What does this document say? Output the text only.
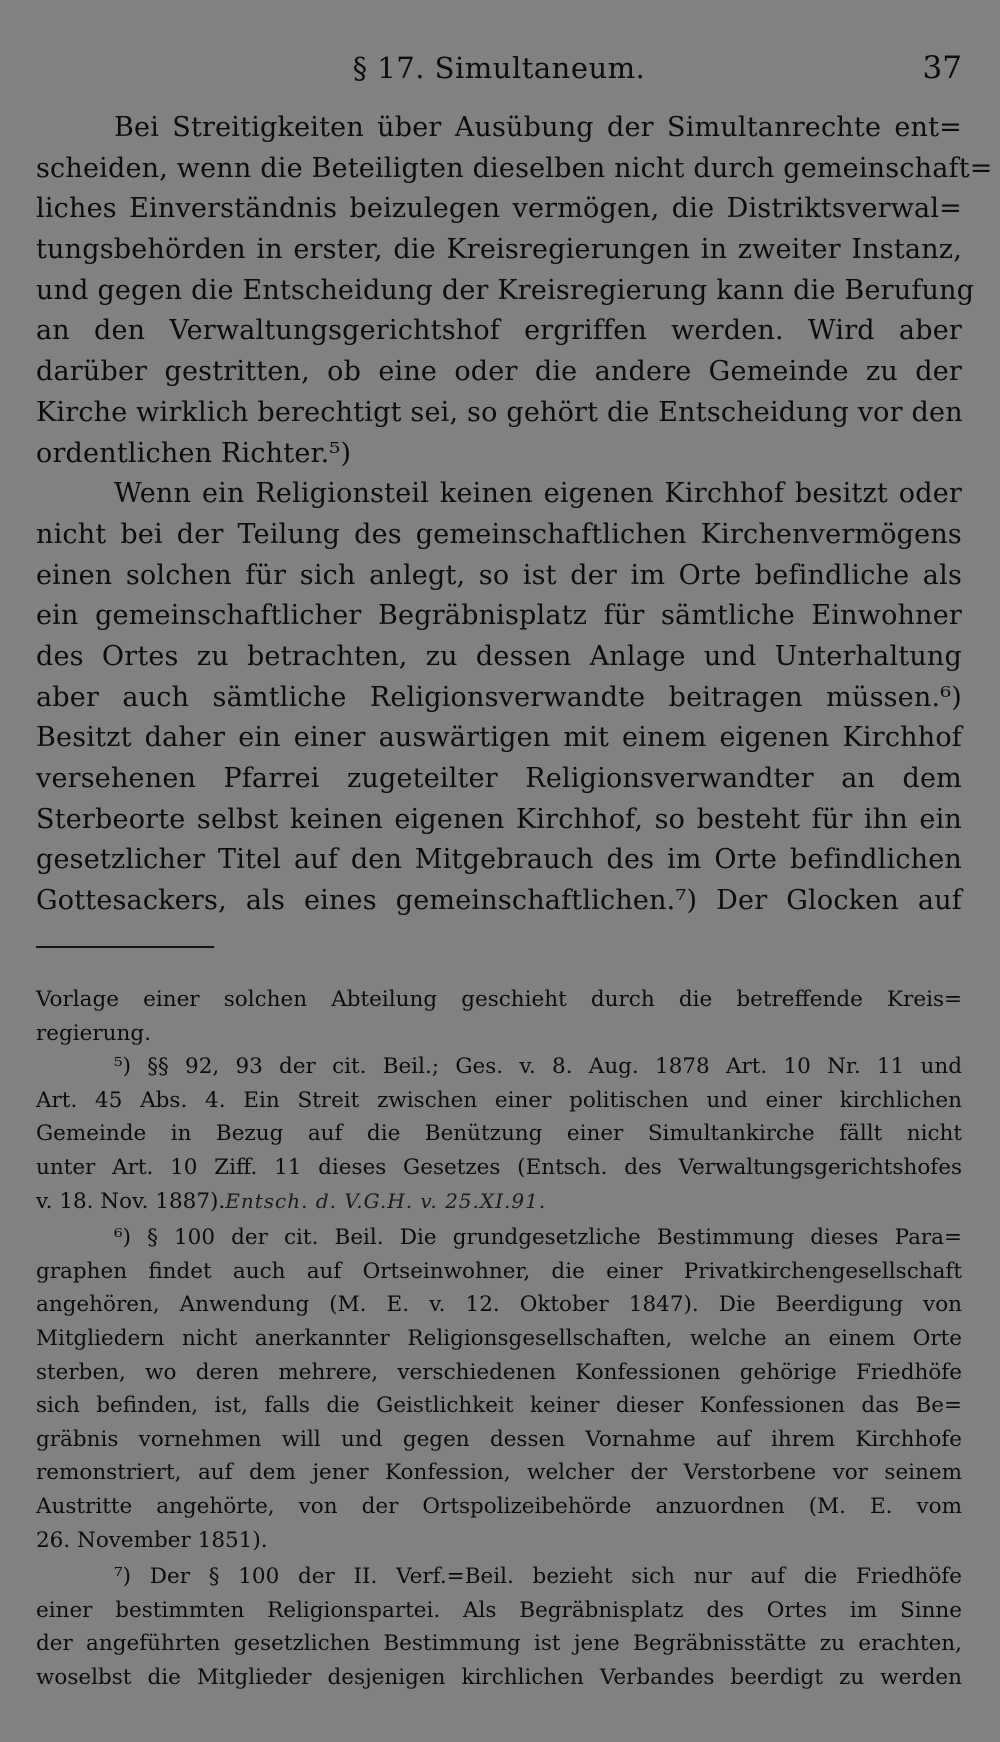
§ 17. Simultaneum.	37
Bei Streitigkeiten über Ausübung der Simultanrechte ent=
scheiden, wenn die Beteiligten dieselben nicht durch gemeinschaft=
liches Einverständnis beizulegen vermögen, die Distriktsverwal=
tungsbehörden in erster, die Kreisregierungen in zweiter Instanz,
und gegen die Entscheidung der Kreisregierung kann die Berufung
an den Verwaltungsgerichtshof ergriffen werden. Wird aber
darüber gestritten, ob eine oder die andere Gemeinde zu der
Kirche wirklich berechtigt sei, so gehört die Entscheidung vor den
ordentlichen Richter.⁵)
Wenn ein Religionsteil keinen eigenen Kirchhof besitzt oder
nicht bei der Teilung des gemeinschaftlichen Kirchenvermögens
einen solchen für sich anlegt, so ist der im Orte befindliche als
ein gemeinschaftlicher Begräbnisplatz für sämtliche Einwohner
des Ortes zu betrachten, zu dessen Anlage und Unterhaltung
aber auch sämtliche Religionsverwandte beitragen müssen.⁶)
Besitzt daher ein einer auswärtigen mit einem eigenen Kirchhof
versehenen Pfarrei zugeteilter Religionsverwandter an dem
Sterbeorte selbst keinen eigenen Kirchhof, so besteht für ihn ein
gesetzlicher Titel auf den Mitgebrauch des im Orte befindlichen
Gottesackers, als eines gemeinschaftlichen.⁷) Der Glocken auf
Vorlage einer solchen Abteilung geschieht durch die betreffende Kreis=
regierung.
⁵) §§ 92, 93 der cit. Beil.; Ges. v. 8. Aug. 1878 Art. 10 Nr. 11 und
Art. 45 Abs. 4. Ein Streit zwischen einer politischen und einer kirchlichen
Gemeinde in Bezug auf die Benützung einer Simultankirche fällt nicht
unter Art. 10 Ziff. 11 dieses Gesetzes (Entsch. des Verwaltungsgerichtshofes
v. 18. Nov. 1887).Entsch. d. V.G.H. v. 25.XI.91.
⁶) § 100 der cit. Beil. Die grundgesetzliche Bestimmung dieses Para=
graphen findet auch auf Ortseinwohner, die einer Privatkirchengesellschaft
angehören, Anwendung (M. E. v. 12. Oktober 1847). Die Beerdigung von
Mitgliedern nicht anerkannter Religionsgesellschaften, welche an einem Orte
sterben, wo deren mehrere, verschiedenen Konfessionen gehörige Friedhöfe
sich befinden, ist, falls die Geistlichkeit keiner dieser Konfessionen das Be=
gräbnis vornehmen will und gegen dessen Vornahme auf ihrem Kirchhofe
remonstriert, auf dem jener Konfession, welcher der Verstorbene vor seinem
Austritte angehörte, von der Ortspolizeibehörde anzuordnen (M. E. vom
26. November 1851).
⁷) Der § 100 der II. Verf.=Beil. bezieht sich nur auf die Friedhöfe
einer bestimmten Religionspartei. Als Begräbnisplatz des Ortes im Sinne
der angeführten gesetzlichen Bestimmung ist jene Begräbnisstätte zu erachten,
woselbst die Mitglieder desjenigen kirchlichen Verbandes beerdigt zu werden
